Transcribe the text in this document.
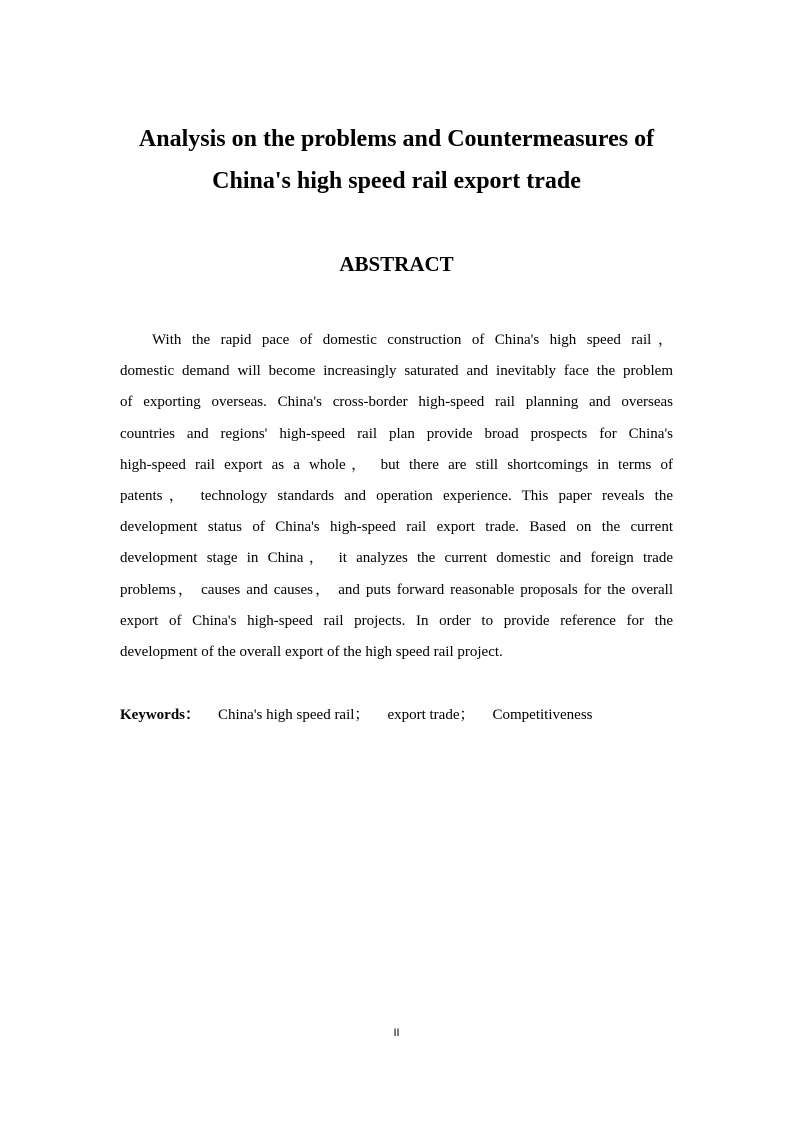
Analysis on the problems and Countermeasures of
China's high speed rail export trade
ABSTRACT
With the rapid pace of domestic construction of China's high speed rail，
domestic demand will become increasingly saturated and inevitably face the problem
of exporting overseas. China's cross-border high-speed rail planning and overseas
countries and regions' high-speed rail plan provide broad prospects for China's
high-speed rail export as a whole， but there are still shortcomings in terms of
patents， technology standards and operation experience. This paper reveals the
development status of China's high-speed rail export trade. Based on the current
development stage in China， it analyzes the current domestic and foreign trade
problems， causes and causes， and puts forward reasonable proposals for the overall
export of China's high-speed rail projects. In order to provide reference for the
development of the overall export of the high speed rail project.
Keywords： China's high speed rail； export trade； Competitiveness
II
